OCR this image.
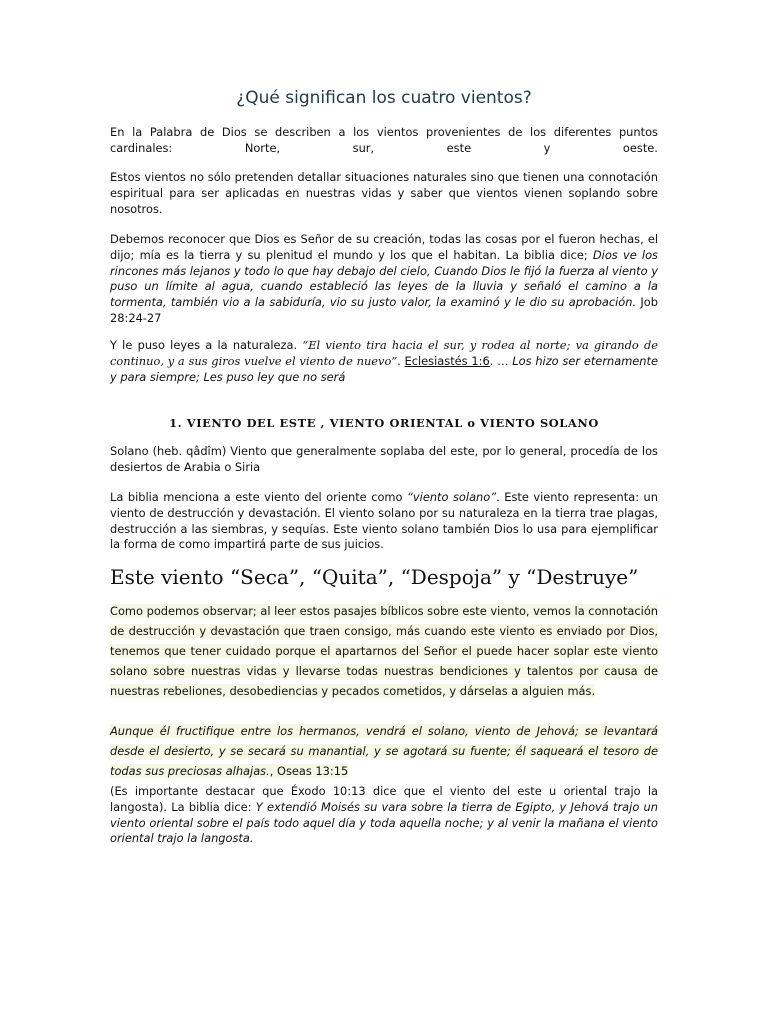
¿Qué significan los cuatro vientos?
En la Palabra de Dios se describen a los vientos provenientes de los diferentes puntos
cardinales:	Norte,	sur,	este	y	oeste.

Estos vientos no sólo pretenden detallar situaciones naturales sino que tienen una connotación espiritual para ser aplicadas en nuestras vidas y saber que vientos vienen soplando sobre nosotros.

Debemos reconocer que Dios es Señor de su creación, todas las cosas por el fueron hechas, el dijo; mía es la tierra y su plenitud el mundo y los que el habitan. La biblia dice; Dios ve los rincones más lejanos y todo lo que hay debajo del cielo, Cuando Dios le fijó la fuerza al viento y puso un límite al agua, cuando estableció las leyes de la lluvia y señaló el camino a la tormenta, también vio a la sabiduría, vio su justo valor, la examinó y le dio su aprobación. Job 28:24-27

Y le puso leyes a la naturaleza. “El viento tira hacia el sur, y rodea al norte; va girando de continuo, y a sus giros vuelve el viento de nuevo”. Eclesiastés 1:6. … Los hizo ser eternamente y para siempre; Les puso ley que no será

1. VIENTO DEL ESTE , VIENTO ORIENTAL o VIENTO SOLANO

Solano (heb. qâdîm) Viento que generalmente soplaba del este, por lo general, procedía de los desiertos de Arabia o Siria

La biblia menciona a este viento del oriente como “viento solano”. Este viento representa: un viento de destrucción y devastación. El viento solano por su naturaleza en la tierra trae plagas, destrucción a las siembras, y sequías. Este viento solano también Dios lo usa para ejemplificar la forma de como impartirá parte de sus juicios.

Este viento “Seca”, “Quita”, “Despoja” y “Destruye”

Como podemos observar; al leer estos pasajes bíblicos sobre este viento, vemos la connotación de destrucción y devastación que traen consigo, más cuando este viento es enviado por Dios, tenemos que tener cuidado porque el apartarnos del Señor el puede hacer soplar este viento solano sobre nuestras vidas y llevarse todas nuestras bendiciones y talentos por causa de nuestras rebeliones, desobediencias y pecados cometidos, y dárselas a alguien más.

Aunque él fructifique entre los hermanos, vendrá el solano, viento de Jehová; se levantará desde el desierto, y se secará su manantial, y se agotará su fuente; él saqueará el tesoro de todas sus preciosas alhajas., Oseas 13:15

(Es importante destacar que Éxodo 10:13 dice que el viento del este u oriental trajo la langosta). La biblia dice: Y extendió Moisés su vara sobre la tierra de Egipto, y Jehová trajo un viento oriental sobre el país todo aquel día y toda aquella noche; y al venir la mañana el viento oriental trajo la langosta.
